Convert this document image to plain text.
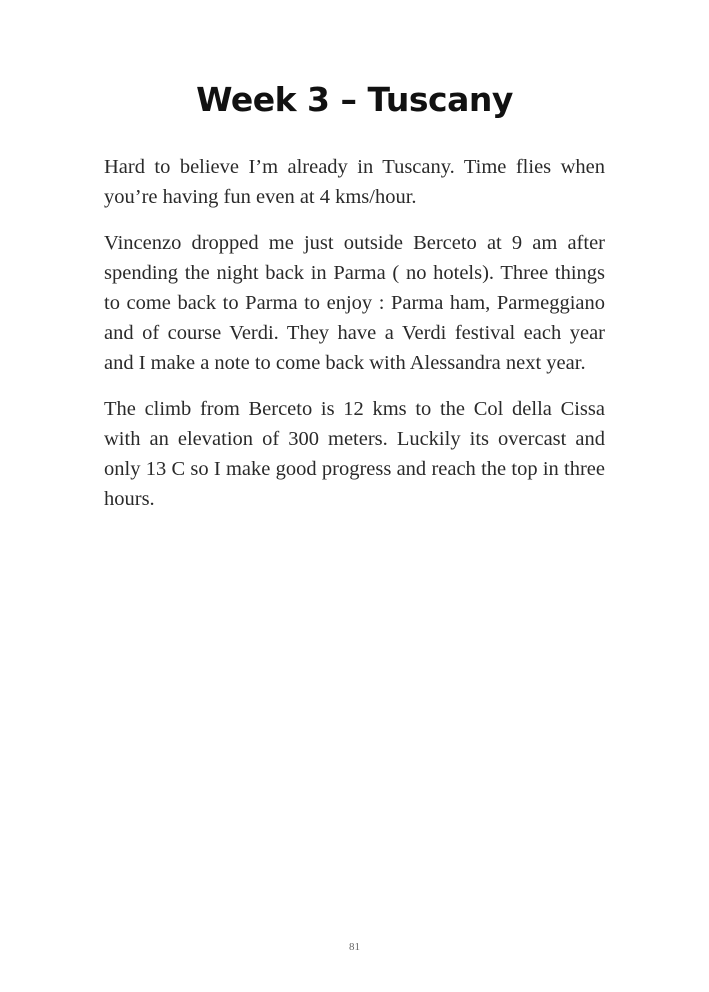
Week 3 – Tuscany

Hard to believe I’m already in Tuscany. Time flies when you’re having fun even at 4 kms/hour.

Vincenzo dropped me just outside Berceto at 9 am after spending the night back in Parma ( no hotels). Three things to come back to Parma to enjoy : Parma ham, Parmeggiano and of course Verdi. They have a Verdi festival each year and I make a note to come back with Alessandra next year.

The climb from Berceto is 12 kms to the Col della Cissa with an elevation of 300 meters. Luckily its overcast and only 13 C so I make good progress and reach the top in three hours.

81
